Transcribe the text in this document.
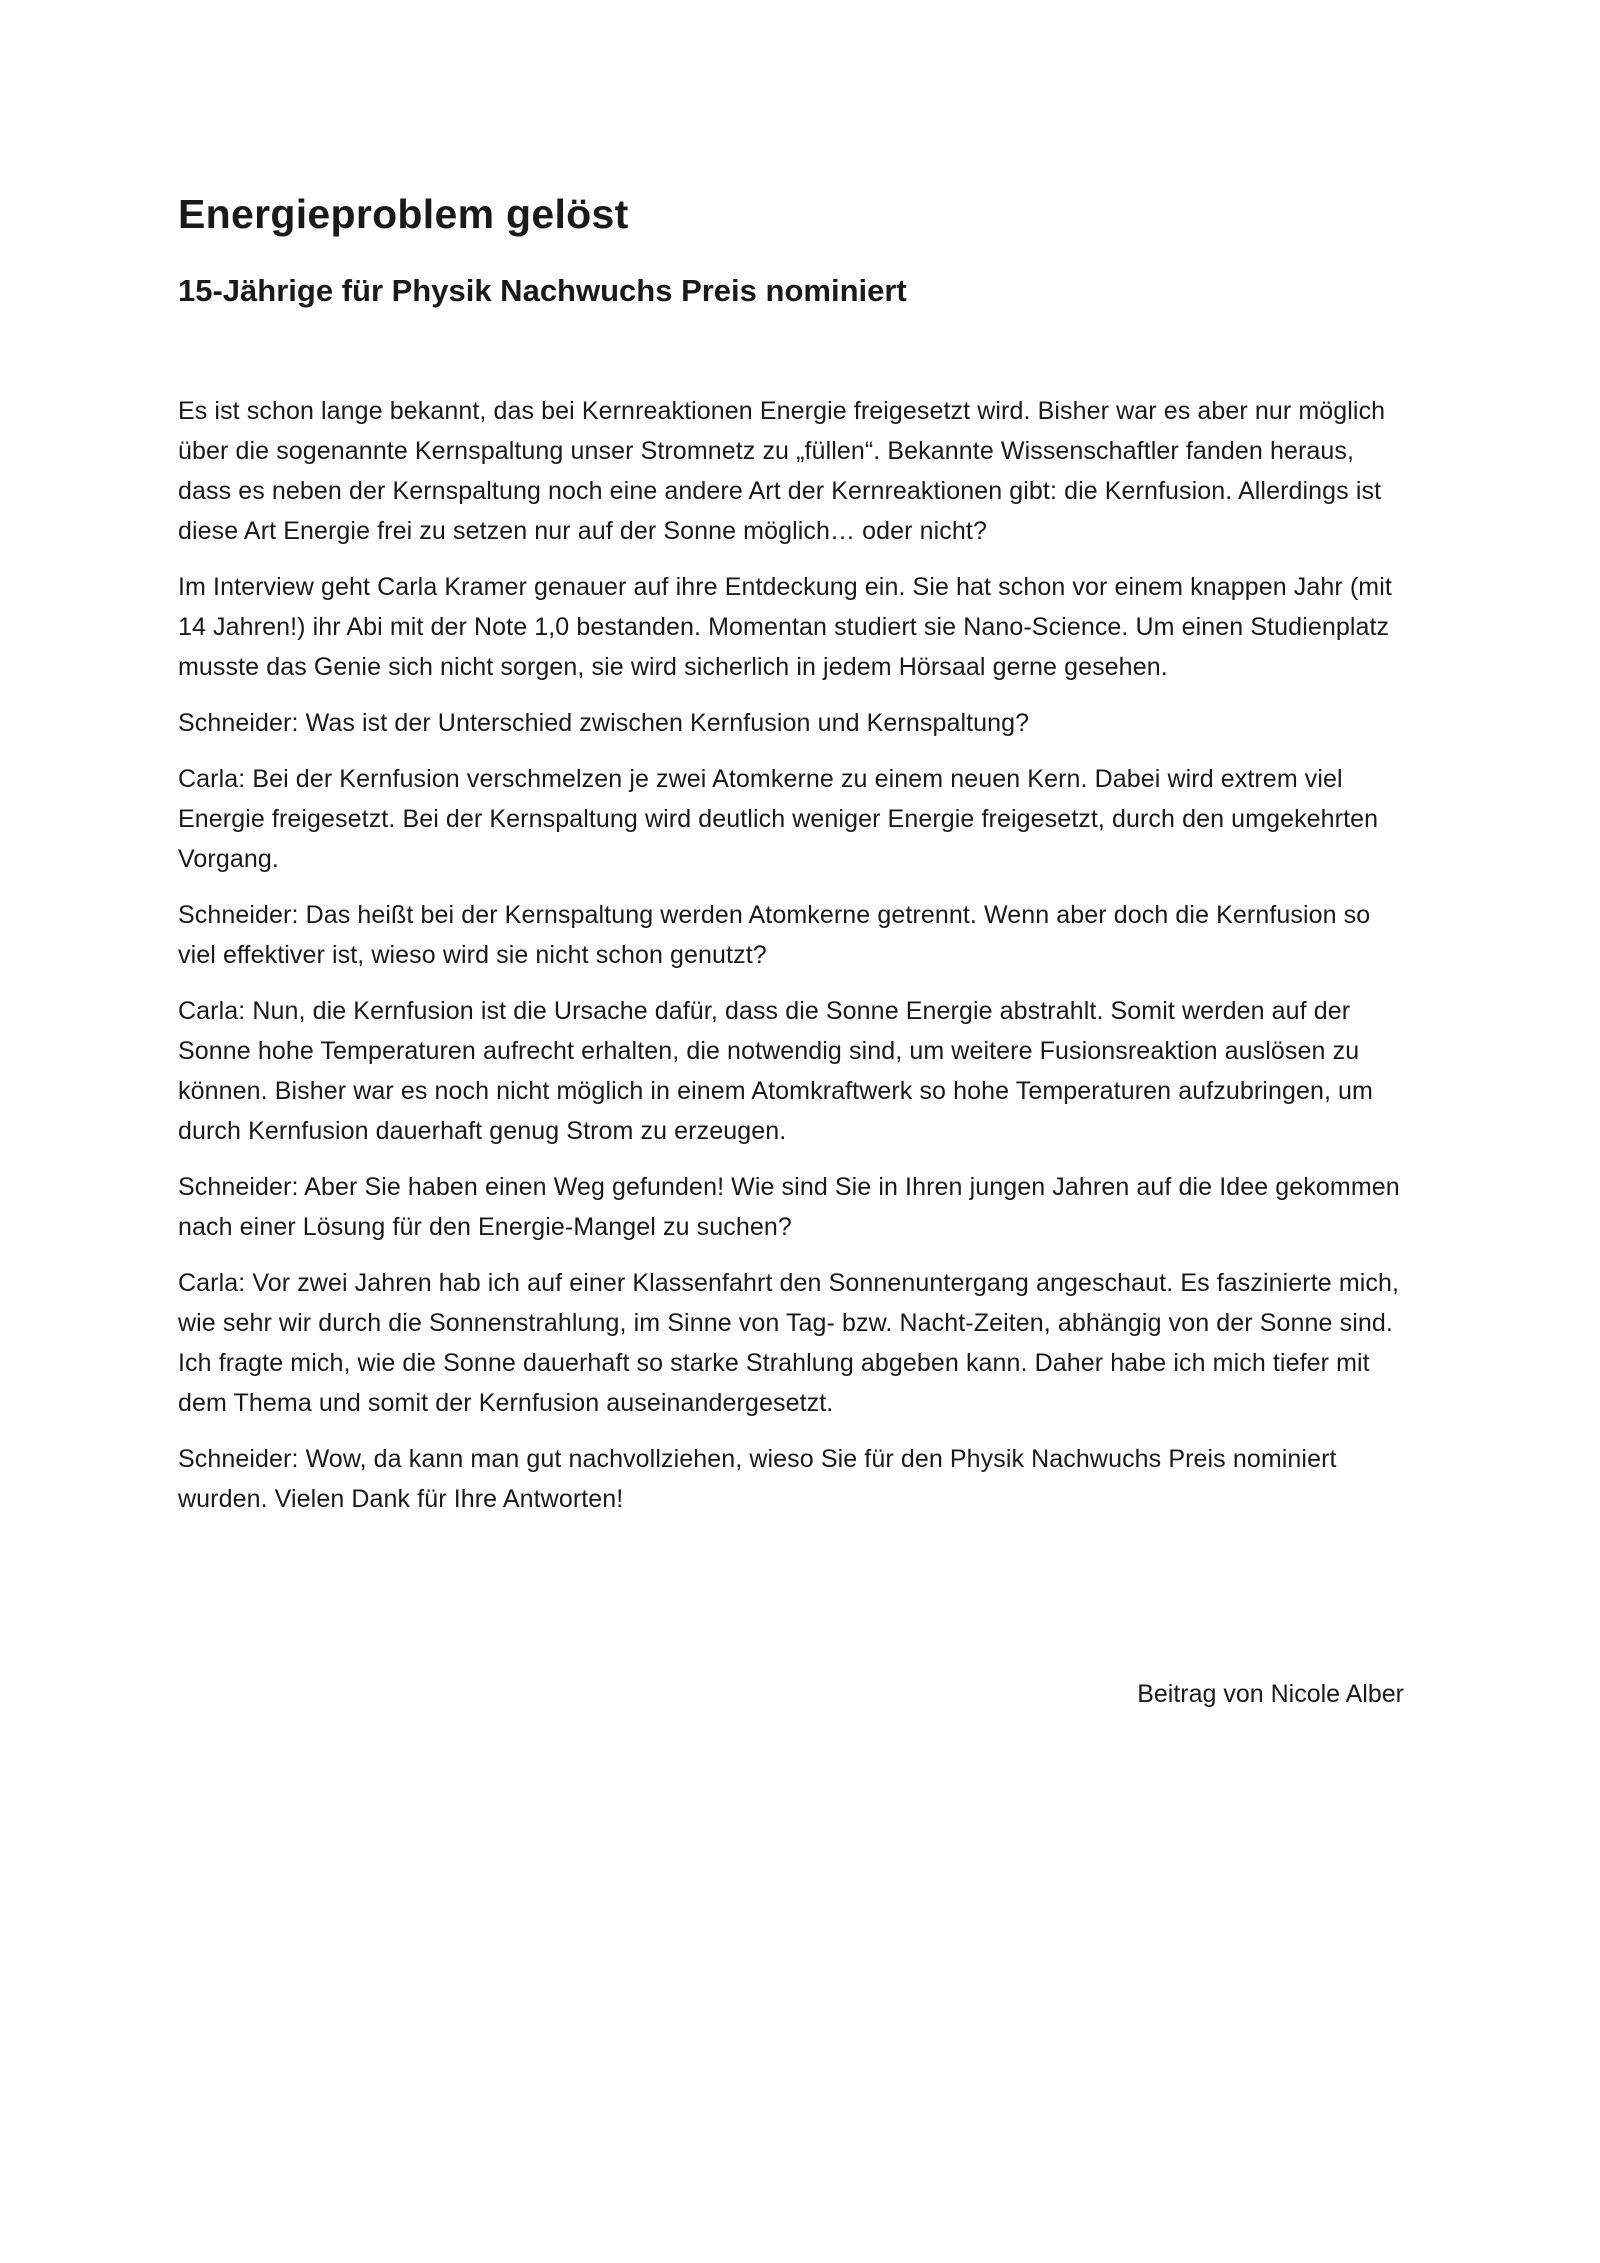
Energieproblem gelöst
15-Jährige für Physik Nachwuchs Preis nominiert

Es ist schon lange bekannt, das bei Kernreaktionen Energie freigesetzt wird. Bisher war es aber nur möglich über die sogenannte Kernspaltung unser Stromnetz zu „füllen“. Bekannte Wissenschaftler fanden heraus, dass es neben der Kernspaltung noch eine andere Art der Kernreaktionen gibt: die Kernfusion. Allerdings ist diese Art Energie frei zu setzen nur auf der Sonne möglich… oder nicht?

Im Interview geht Carla Kramer genauer auf ihre Entdeckung ein. Sie hat schon vor einem knappen Jahr (mit 14 Jahren!) ihr Abi mit der Note 1,0 bestanden. Momentan studiert sie Nano-Science. Um einen Studienplatz musste das Genie sich nicht sorgen, sie wird sicherlich in jedem Hörsaal gerne gesehen.

Schneider: Was ist der Unterschied zwischen Kernfusion und Kernspaltung?

Carla: Bei der Kernfusion verschmelzen je zwei Atomkerne zu einem neuen Kern. Dabei wird extrem viel Energie freigesetzt. Bei der Kernspaltung wird deutlich weniger Energie freigesetzt, durch den umgekehrten Vorgang.

Schneider: Das heißt bei der Kernspaltung werden Atomkerne getrennt. Wenn aber doch die Kernfusion so viel effektiver ist, wieso wird sie nicht schon genutzt?

Carla: Nun, die Kernfusion ist die Ursache dafür, dass die Sonne Energie abstrahlt. Somit werden auf der Sonne hohe Temperaturen aufrecht erhalten, die notwendig sind, um weitere Fusionsreaktion auslösen zu können. Bisher war es noch nicht möglich in einem Atomkraftwerk so hohe Temperaturen aufzubringen, um durch Kernfusion dauerhaft genug Strom zu erzeugen.

Schneider: Aber Sie haben einen Weg gefunden! Wie sind Sie in Ihren jungen Jahren auf die Idee gekommen nach einer Lösung für den Energie-Mangel zu suchen?

Carla: Vor zwei Jahren hab ich auf einer Klassenfahrt den Sonnenuntergang angeschaut. Es faszinierte mich, wie sehr wir durch die Sonnenstrahlung, im Sinne von Tag- bzw. Nacht-Zeiten, abhängig von der Sonne sind. Ich fragte mich, wie die Sonne dauerhaft so starke Strahlung abgeben kann. Daher habe ich mich tiefer mit dem Thema und somit der Kernfusion auseinandergesetzt.

Schneider: Wow, da kann man gut nachvollziehen, wieso Sie für den Physik Nachwuchs Preis nominiert wurden. Vielen Dank für Ihre Antworten!

Beitrag von Nicole Alber
